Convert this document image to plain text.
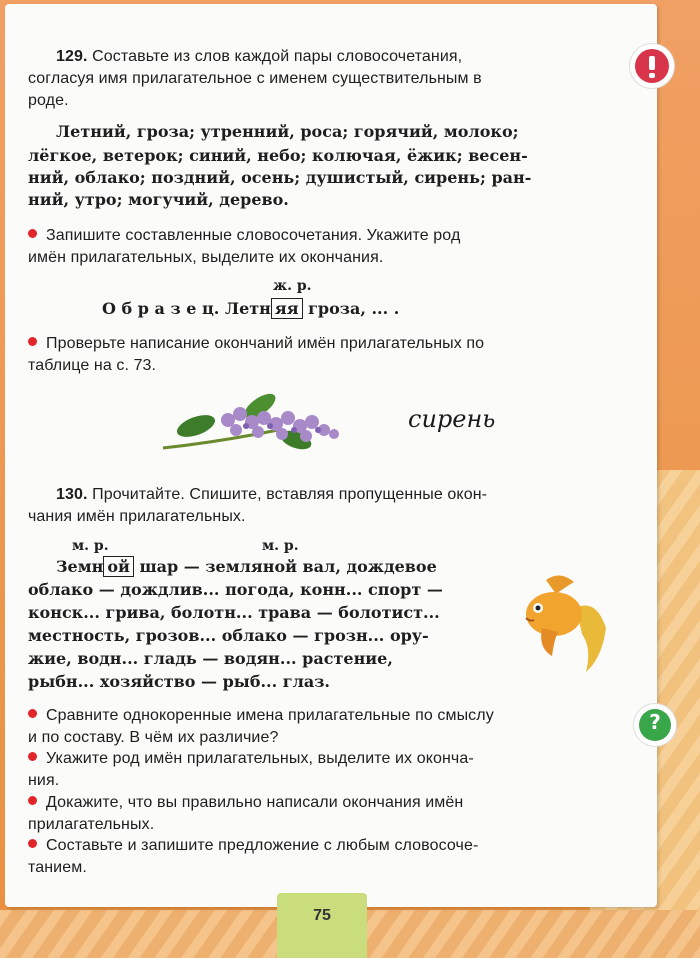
129. Составьте из слов каждой пары словосочетания,
согласуя имя прилагательное с именем существительным в
роде.
Летний, гроза; утренний, роса; горячий, молоко;
лёгкое, ветерок; синий, небо; колючая, ёжик; весен-
ний, облако; поздний, осень; душистый, сирень; ран-
ний, утро; могучий, дерево.
Запишите составленные словосочетания. Укажите род
имён прилагательных, выделите их окончания.
ж. р.
О б р а з е ц. Летн яя гроза, ... .
Проверьте написание окончаний имён прилагательных по
таблице на с. 73.
сирень
130. Прочитайте. Спишите, вставляя пропущенные окон-
чания имён прилагательных.
м. р.	м. р.
Земн ой шар — земляной вал, дождевое
облако — дождлив... погода, конн... спорт —
конск... грива, болотн... трава — болотист...
местность, грозов... облако — грозн... ору-
жие, водн... гладь — водян... растение,
рыбн... хозяйство — рыб... глаз.
Сравните однокоренные имена прилагательные по смыслу
и по составу. В чём их различие?
Укажите род имён прилагательных, выделите их оконча-
ния.
Докажите, что вы правильно написали окончания имён
прилагательных.
Составьте и запишите предложение с любым словосоче-
танием.
?
75
